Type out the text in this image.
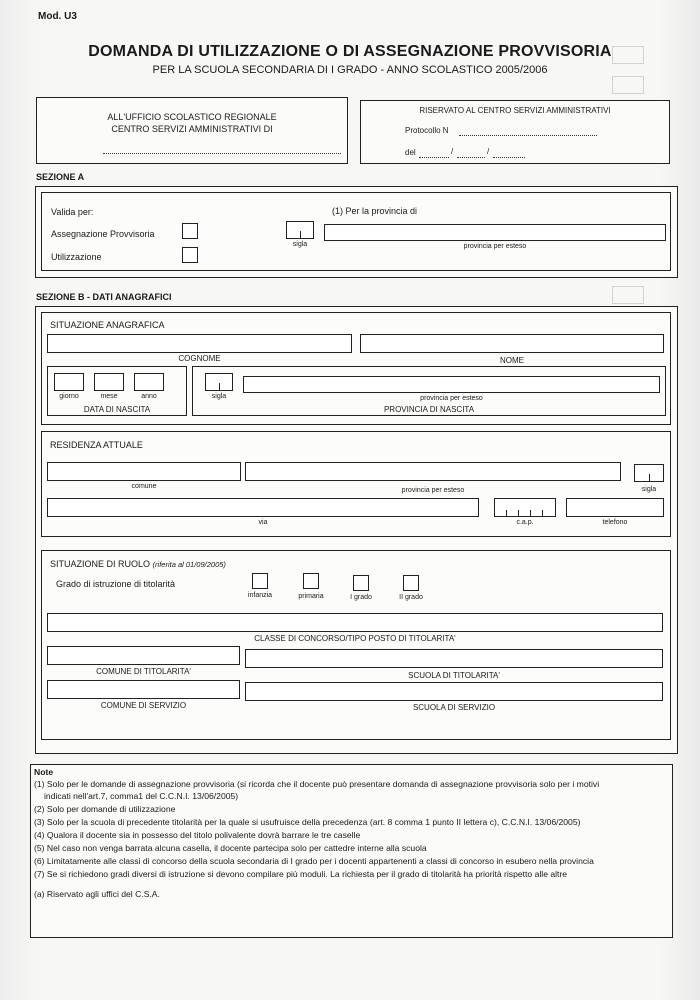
Mod. U3
DOMANDA DI UTILIZZAZIONE O DI ASSEGNAZIONE PROVVISORIA
PER LA SCUOLA SECONDARIA DI I GRADO - ANNO SCOLASTICO 2005/2006
ALL'UFFICIO SCOLASTICO REGIONALE
CENTRO SERVIZI AMMINISTRATIVI DI
RISERVATO AL CENTRO SERVIZI AMMINISTRATIVI
Protocollo N
del	/	/
SEZIONE A
Valida per:
Assegnazione Provvisoria
Utilizzazione
(1) Per la provincia di
sigla	provincia per esteso
SEZIONE B - DATI ANAGRAFICI
SITUAZIONE ANAGRAFICA
COGNOME	NOME
giorno	mese	anno
DATA DI NASCITA
sigla	provincia per esteso
PROVINCIA DI NASCITA
RESIDENZA ATTUALE
comune
provincia per esteso	sigla
via	c.a.p.	telefono
SITUAZIONE DI RUOLO (riferita al 01/09/2005)
Grado di istruzione di titolarità
infanzia	primaria	I grado	II grado
CLASSE DI CONCORSO/TIPO POSTO DI TITOLARITA'
COMUNE DI TITOLARITA'	SCUOLA DI TITOLARITA'
COMUNE DI SERVIZIO	SCUOLA DI SERVIZIO
Note
(1) Solo per le domande di assegnazione provvisoria (si ricorda che il docente può presentare domanda di assegnazione provvisoria solo per i motivi
indicati nell'art.7, comma1 del C.C.N.I. 13/06/2005)
(2) Solo per domande di utilizzazione
(3) Solo per la scuola di precedente titolarità per la quale si usufruisce della precedenza (art. 8 comma 1 punto II lettera c), C.C.N.I. 13/06/2005)
(4) Qualora il docente sia in possesso del titolo polivalente dovrà barrare le tre caselle
(5) Nel caso non venga barrata alcuna casella, il docente partecipa solo per cattedre interne alla scuola
(6) Limitatamente alle classi di concorso della scuola secondaria di I grado per i docenti appartenenti a classi di concorso in esubero nella provincia
(7) Se si richiedono gradi diversi di istruzione si devono compilare più moduli. La richiesta per il grado di titolarità ha priorità rispetto alle altre
(a) Riservato agli uffici del C.S.A.
